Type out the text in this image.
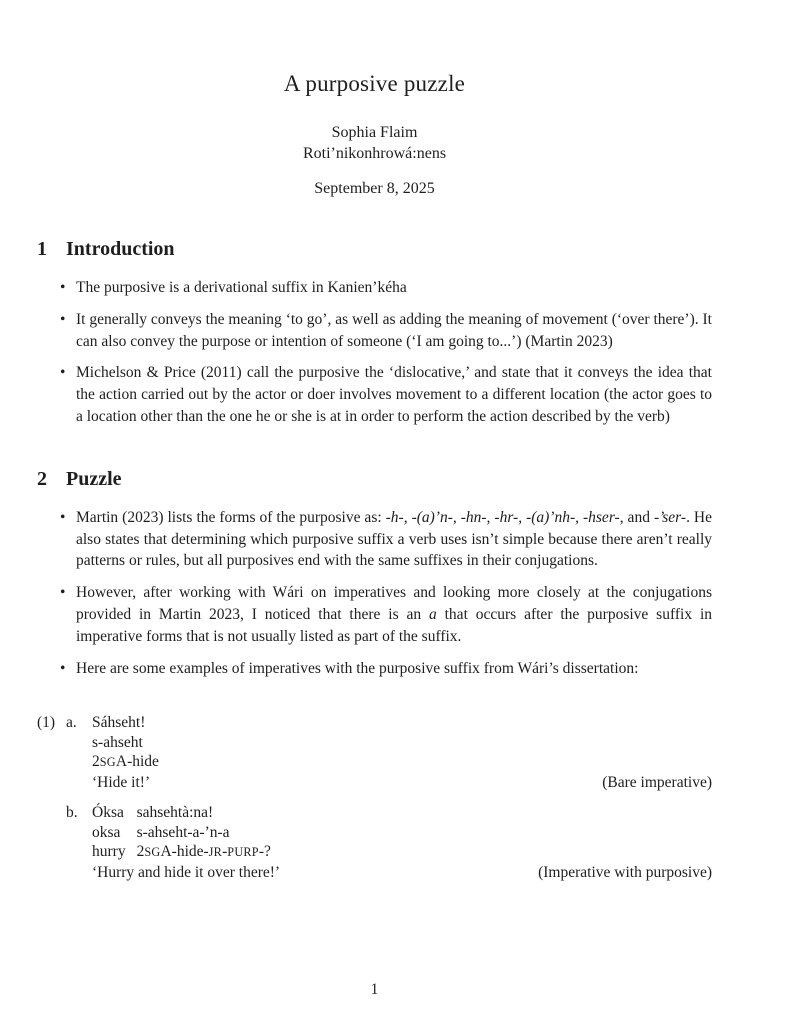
A purposive puzzle
Sophia Flaim
Roti’nikonhrowá:nens
September 8, 2025
1 Introduction
• The purposive is a derivational suffix in Kanien’kéha
• It generally conveys the meaning ‘to go’, as well as adding the meaning of movement (‘over there’). It can also convey the purpose or intention of someone (‘I am going to...’) (Martin 2023)
• Michelson & Price (2011) call the purposive the ‘dislocative,’ and state that it conveys the idea that the action carried out by the actor or doer involves movement to a different location (the actor goes to a location other than the one he or she is at in order to perform the action described by the verb)
2 Puzzle
• Martin (2023) lists the forms of the purposive as: -h-, -(a)’n-, -hn-, -hr-, -(a)’nh-, -hser-, and -’ser-. He also states that determining which purposive suffix a verb uses isn’t simple because there aren’t really patterns or rules, but all purposives end with the same suffixes in their conjugations.
• However, after working with Wári on imperatives and looking more closely at the conjugations provided in Martin 2023, I noticed that there is an a that occurs after the purposive suffix in imperative forms that is not usually listed as part of the suffix.
• Here are some examples of imperatives with the purposive suffix from Wári’s dissertation:
(1) a. Sáhseht!
s-ahseht
2SGA-hide
‘Hide it!’	(Bare imperative)
b. Óksa
oksa
hurry
sahsehtà:na!
s-ahseht-a-’n-a
2SGA-hide-JR-PURP-?
‘Hurry and hide it over there!’	(Imperative with purposive)
1
